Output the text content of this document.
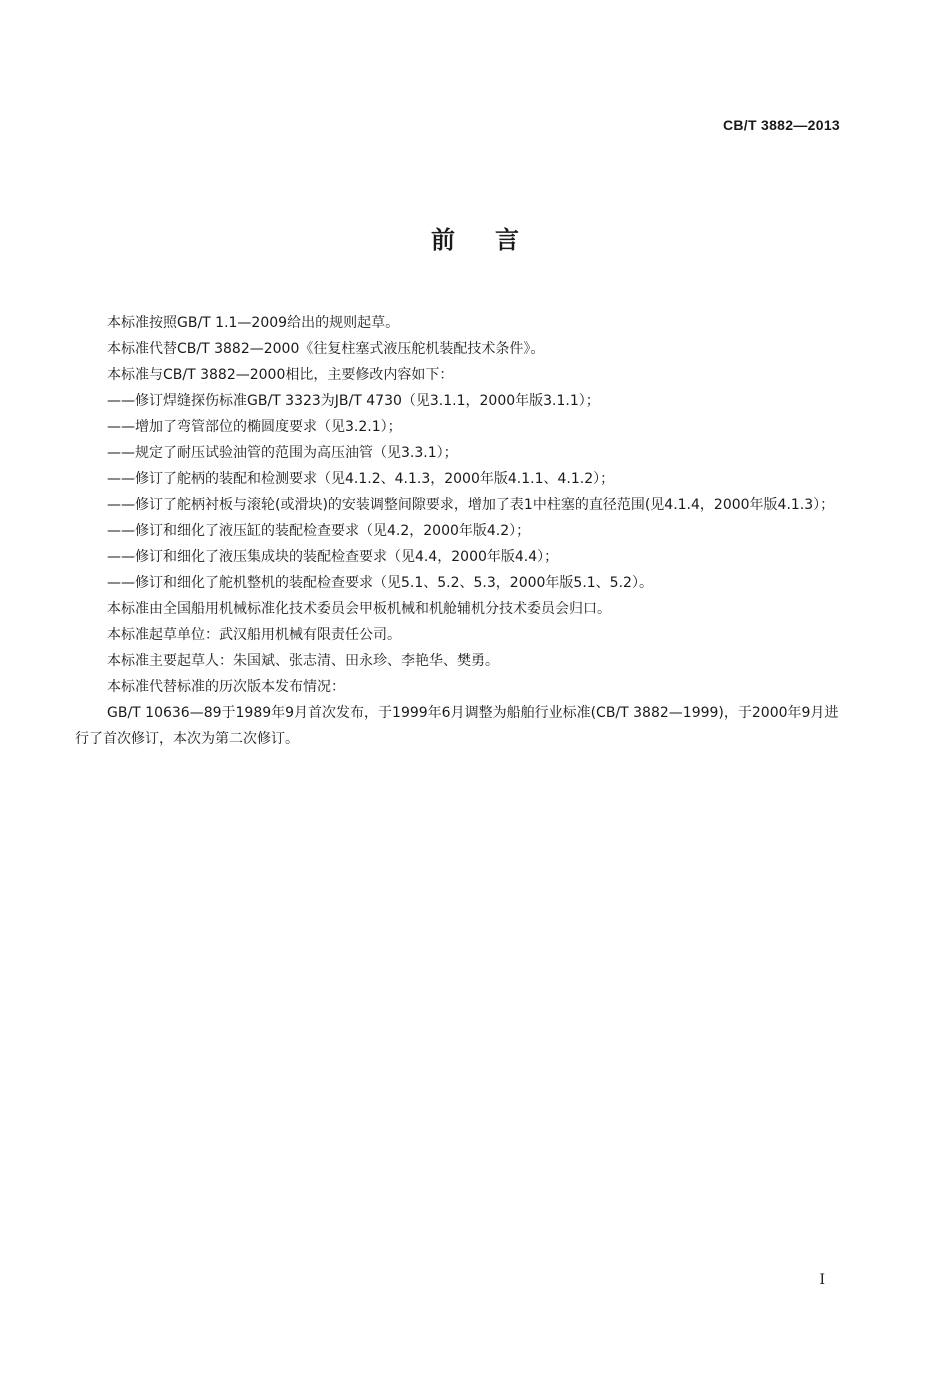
CB/T 3882—2013
前言

本标准按照GB/T 1.1—2009给出的规则起草。

本标准代替CB/T 3882—2000《往复柱塞式液压舵机装配技术条件》。

本标准与CB/T 3882—2000相比，主要修改内容如下：

——修订焊缝探伤标准GB/T 3323为JB/T 4730（见3.1.1，2000年版3.1.1）；

——增加了弯管部位的椭圆度要求（见3.2.1）；

——规定了耐压试验油管的范围为高压油管（见3.3.1）；

——修订了舵柄的装配和检测要求（见4.1.2、4.1.3，2000年版4.1.1、4.1.2）；

——修订了舵柄衬板与滚轮(或滑块)的安装调整间隙要求，增加了表1中柱塞的直径范围(见4.1.4，2000年版4.1.3）；

——修订和细化了液压缸的装配检查要求（见4.2，2000年版4.2）；

——修订和细化了液压集成块的装配检查要求（见4.4，2000年版4.4）；

——修订和细化了舵机整机的装配检查要求（见5.1、5.2、5.3，2000年版5.1、5.2）。

本标准由全国船用机械标准化技术委员会甲板机械和机舱辅机分技术委员会归口。

本标准起草单位：武汉船用机械有限责任公司。

本标准主要起草人：朱国斌、张志清、田永珍、李艳华、樊勇。

本标准代替标准的历次版本发布情况：

GB/T 10636—89于1989年9月首次发布，于1999年6月调整为船舶行业标准(CB/T 3882—1999)，于2000年9月进行了首次修订，本次为第二次修订。

I
